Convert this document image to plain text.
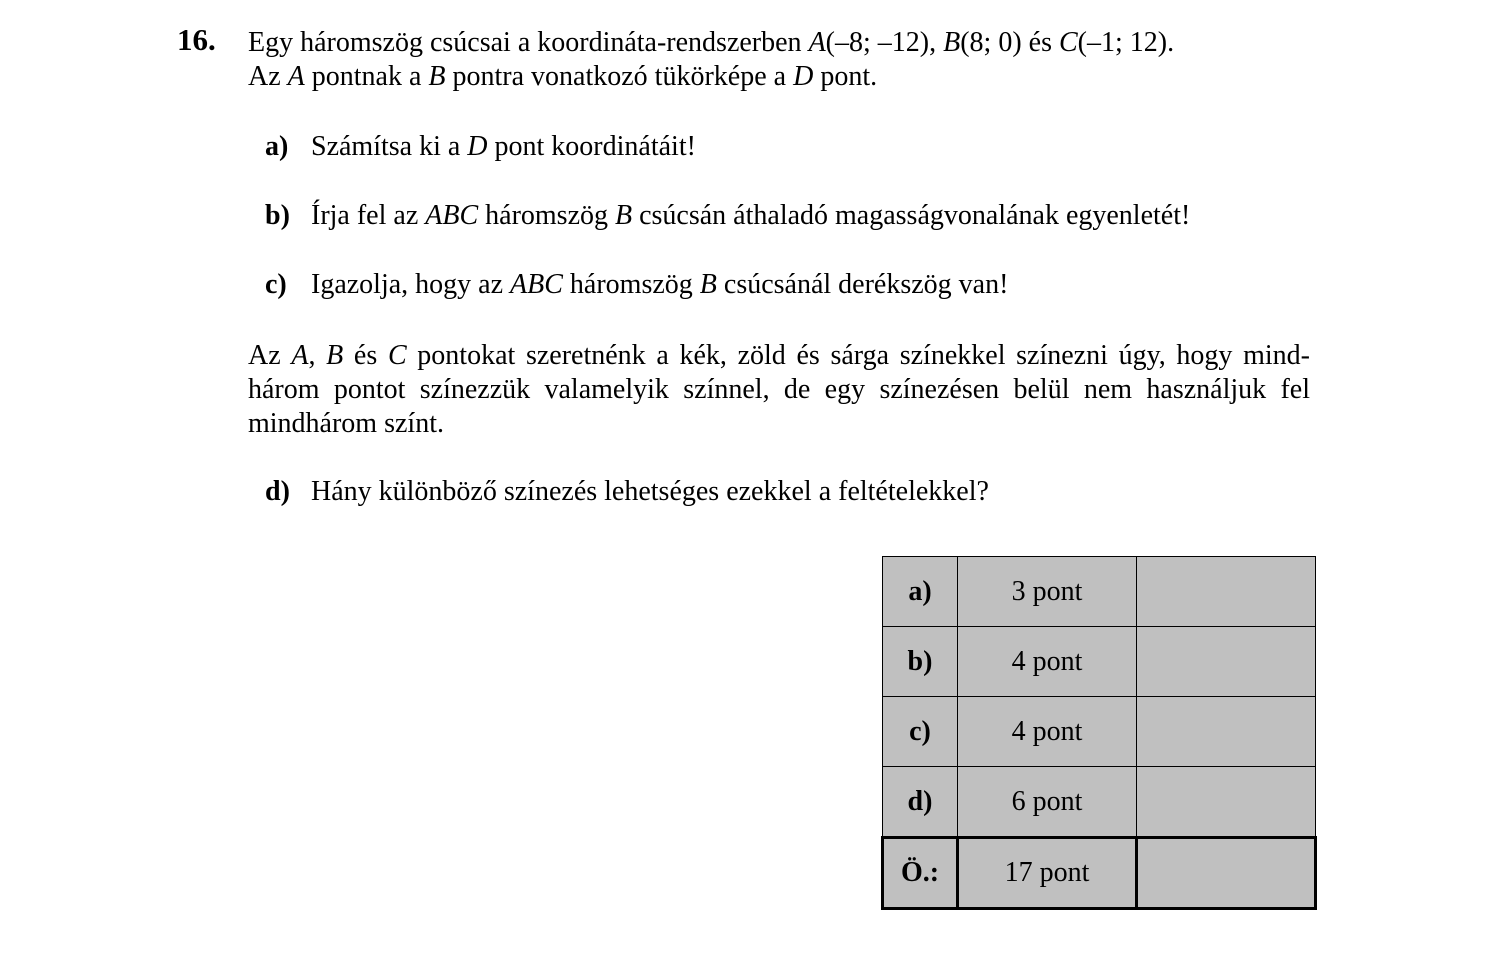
16. Egy háromszög csúcsai a koordináta-rendszerben A(–8; –12), B(8; 0) és C(–1; 12).
Az A pontnak a B pontra vonatkozó tükörképe a D pont.
a) Számítsa ki a D pont koordinátáit!
b) Írja fel az ABC háromszög B csúcsán áthaladó magasságvonalának egyenletét!
c) Igazolja, hogy az ABC háromszög B csúcsánál derékszög van!
Az A, B és C pontokat szeretnénk a kék, zöld és sárga színekkel színezni úgy, hogy mind-
három pontot színezzük valamelyik színnel, de egy színezésen belül nem használjuk fel
mindhárom színt.
d) Hány különböző színezés lehetséges ezekkel a feltételekkel?
a)	3 pont	
b)	4 pont	
c)	4 pont	
d)	6 pont	
Ö.:	17 pont	
